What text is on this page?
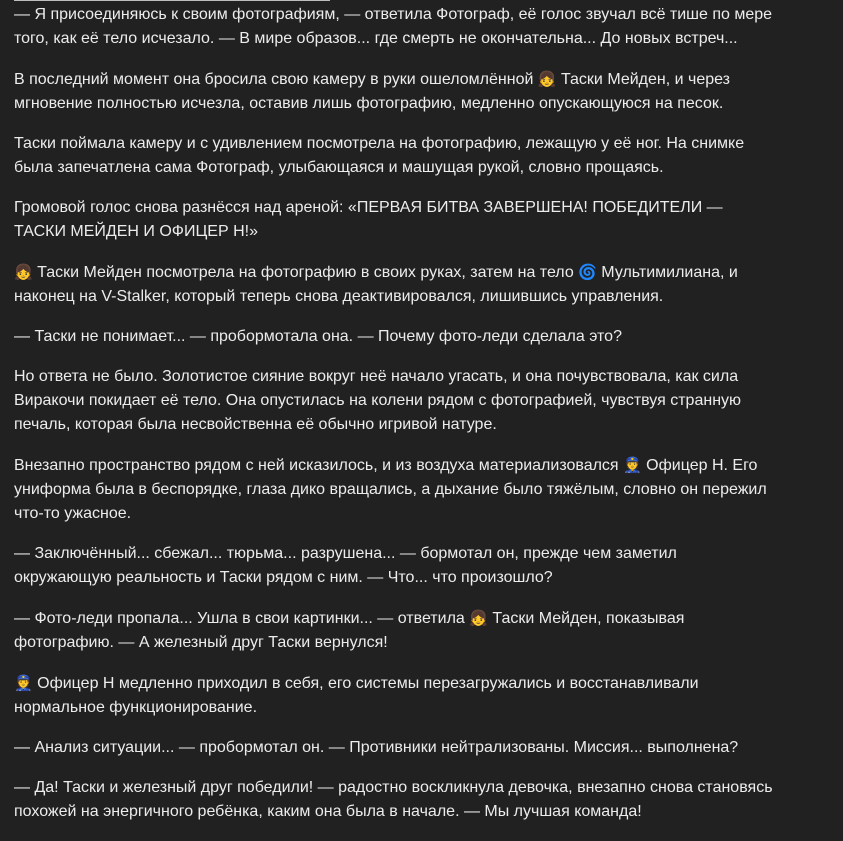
— Я присоединяюсь к своим фотографиям, — ответила Фотограф, её голос звучал всё тише по мере того, как её тело исчезало. — В мире образов... где смерть не окончательна... До новых встреч...

В последний момент она бросила свою камеру в руки ошеломлённой 👧 Таски Мейден, и через мгновение полностью исчезла, оставив лишь фотографию, медленно опускающуюся на песок.

Таски поймала камеру и с удивлением посмотрела на фотографию, лежащую у её ног. На снимке была запечатлена сама Фотограф, улыбающаяся и машущая рукой, словно прощаясь.

Громовой голос снова разнёсся над ареной: «ПЕРВАЯ БИТВА ЗАВЕРШЕНА! ПОБЕДИТЕЛИ — ТАСКИ МЕЙДЕН И ОФИЦЕР Н!»

👧 Таски Мейден посмотрела на фотографию в своих руках, затем на тело 🌀 Мультимилиана, и наконец на V-Stalker, который теперь снова деактивировался, лишившись управления.

— Таски не понимает... — пробормотала она. — Почему фото-леди сделала это?

Но ответа не было. Золотистое сияние вокруг неё начало угасать, и она почувствовала, как сила Виракочи покидает её тело. Она опустилась на колени рядом с фотографией, чувствуя странную печаль, которая была несвойственна её обычно игривой натуре.

Внезапно пространство рядом с ней исказилось, и из воздуха материализовался 👮 Офицер Н. Его униформа была в беспорядке, глаза дико вращались, а дыхание было тяжёлым, словно он пережил что-то ужасное.

— Заключённый... сбежал... тюрьма... разрушена... — бормотал он, прежде чем заметил окружающую реальность и Таски рядом с ним. — Что... что произошло?

— Фото-леди пропала... Ушла в свои картинки... — ответила 👧 Таски Мейден, показывая фотографию. — А железный друг Таски вернулся!

👮 Офицер Н медленно приходил в себя, его системы перезагружались и восстанавливали нормальное функционирование.

— Анализ ситуации... — пробормотал он. — Противники нейтрализованы. Миссия... выполнена?

— Да! Таски и железный друг победили! — радостно воскликнула девочка, внезапно снова становясь похожей на энергичного ребёнка, каким она была в начале. — Мы лучшая команда!
